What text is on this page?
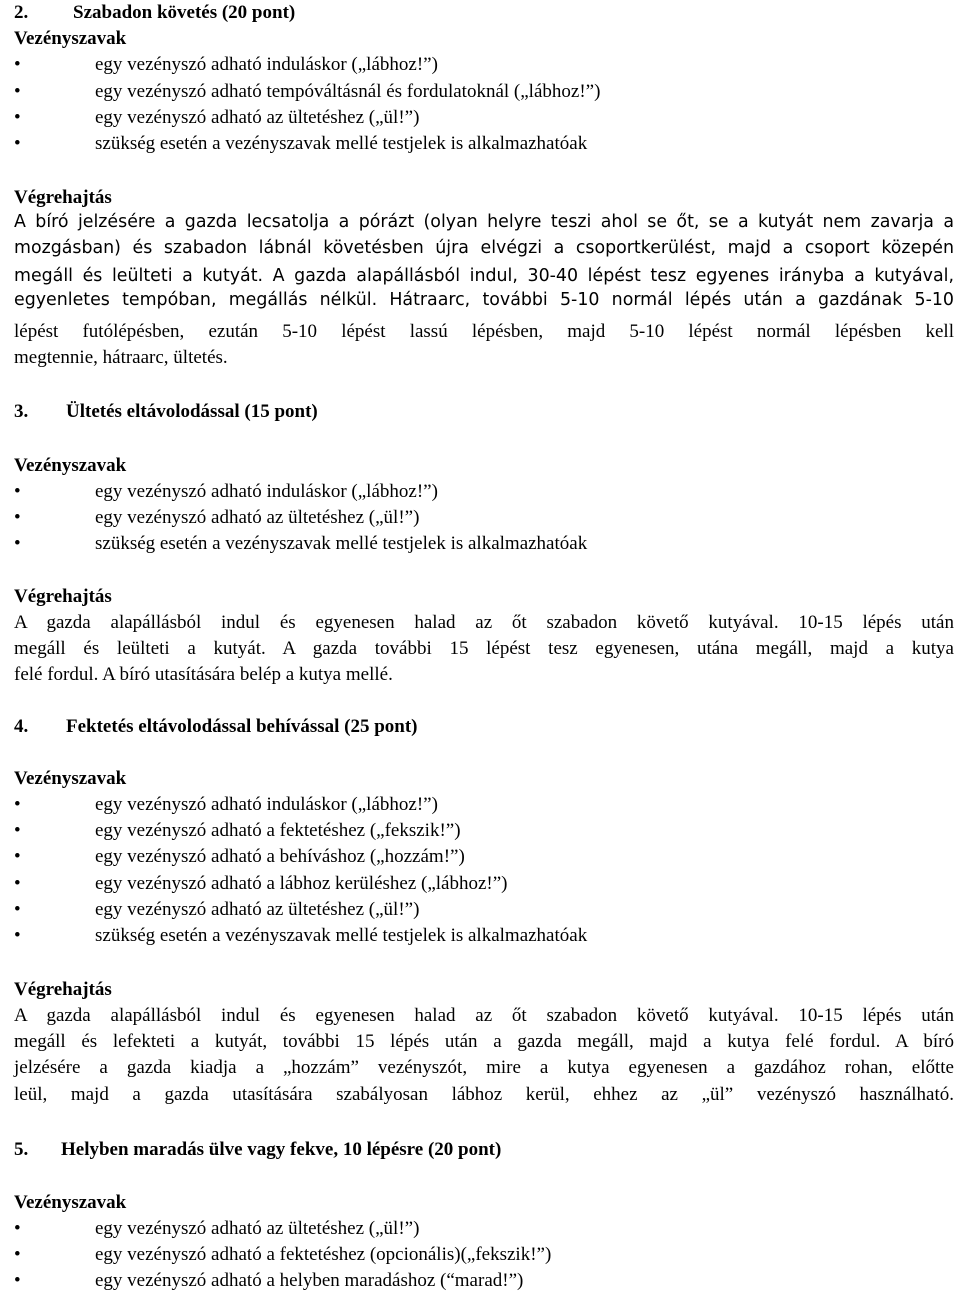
2. Szabadon követés (20 pont)
Vezényszavak
•	egy vezényszó adható induláskor („lábhoz!”)
•	egy vezényszó adható tempóváltásnál és fordulatoknál („lábhoz!”)
•	egy vezényszó adható az ültetéshez („ül!”)
•	szükség esetén a vezényszavak mellé testjelek is alkalmazhatóak
Végrehajtás
A bíró jelzésére a gazda lecsatolja a pórázt (olyan helyre teszi ahol se őt, se a kutyát nem zavarja a
mozgásban) és szabadon lábnál követésben újra elvégzi a csoportkerülést, majd a csoport közepén
megáll és leülteti a kutyát. A gazda alapállásból indul, 30-40 lépést tesz egyenes irányba a kutyával,
egyenletes tempóban, megállás nélkül. Hátraarc, további 5-10 normál lépés után a gazdának 5-10
lépést futólépésben, ezután 5-10 lépést lassú lépésben, majd 5-10 lépést normál lépésben kell
megtennie, hátraarc, ültetés.
3. Ültetés eltávolodással (15 pont)
Vezényszavak
•	egy vezényszó adható induláskor („lábhoz!”)
•	egy vezényszó adható az ültetéshez („ül!”)
•	szükség esetén a vezényszavak mellé testjelek is alkalmazhatóak
Végrehajtás
A gazda alapállásból indul és egyenesen halad az őt szabadon követő kutyával. 10-15 lépés után
megáll és leülteti a kutyát. A gazda további 15 lépést tesz egyenesen, utána megáll, majd a kutya
felé fordul. A bíró utasítására belép a kutya mellé.
4. Fektetés eltávolodással behívással (25 pont)
Vezényszavak
•	egy vezényszó adható induláskor („lábhoz!”)
•	egy vezényszó adható a fektetéshez („fekszik!”)
•	egy vezényszó adható a behíváshoz („hozzám!”)
•	egy vezényszó adható a lábhoz kerüléshez („lábhoz!”)
•	egy vezényszó adható az ültetéshez („ül!”)
•	szükség esetén a vezényszavak mellé testjelek is alkalmazhatóak
Végrehajtás
A gazda alapállásból indul és egyenesen halad az őt szabadon követő kutyával. 10-15 lépés után
megáll és lefekteti a kutyát, további 15 lépés után a gazda megáll, majd a kutya felé fordul. A bíró
jelzésére a gazda kiadja a „hozzám” vezényszót, mire a kutya egyenesen a gazdához rohan, előtte
leül, majd a gazda utasítására szabályosan lábhoz kerül, ehhez az „ül” vezényszó használható.
5. Helyben maradás ülve vagy fekve, 10 lépésre (20 pont)
Vezényszavak
•	egy vezényszó adható az ültetéshez („ül!”)
•	egy vezényszó adható a fektetéshez (opcionális)(„fekszik!”)
•	egy vezényszó adható a helyben maradáshoz (“marad!”)
